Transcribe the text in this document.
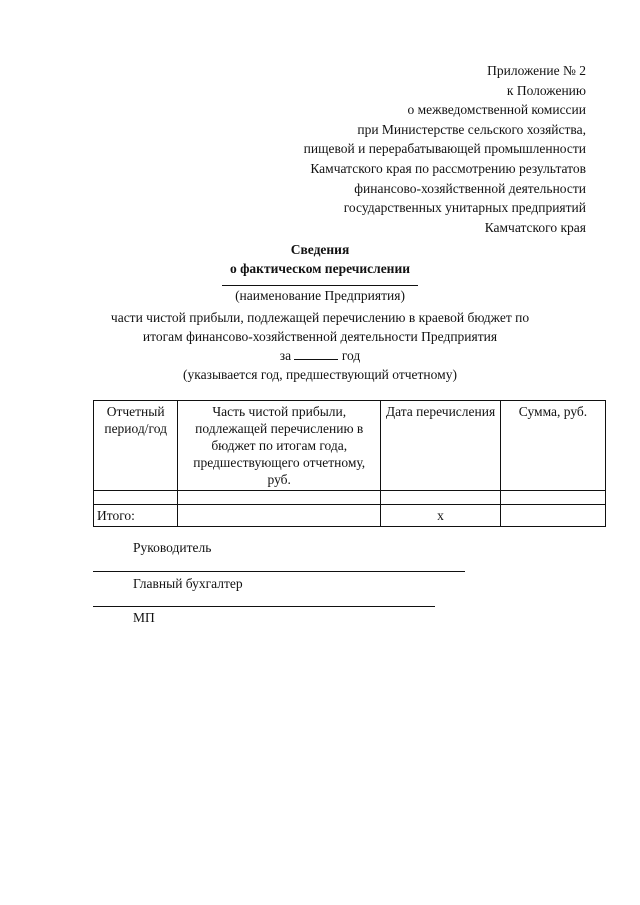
Приложение № 2
к Положению
о межведомственной комиссии
при Министерстве сельского хозяйства,
пищевой и перерабатывающей промышленности
Камчатского края по рассмотрению результатов
финансово-хозяйственной деятельности
государственных унитарных предприятий
Камчатского края
Сведения
о фактическом перечислении
(наименование Предприятия)
части чистой прибыли, подлежащей перечислению в краевой бюджет по
итогам финансово-хозяйственной деятельности Предприятия
за	год
(указывается год, предшествующий отчетному)
Отчетный период/год	Часть чистой прибыли, подлежащей перечислению в бюджет по итогам года, предшествующего отчетному, руб.	Дата перечисления	Сумма, руб.

Итого:		х	
Руководитель
Главный бухгалтер
МП
